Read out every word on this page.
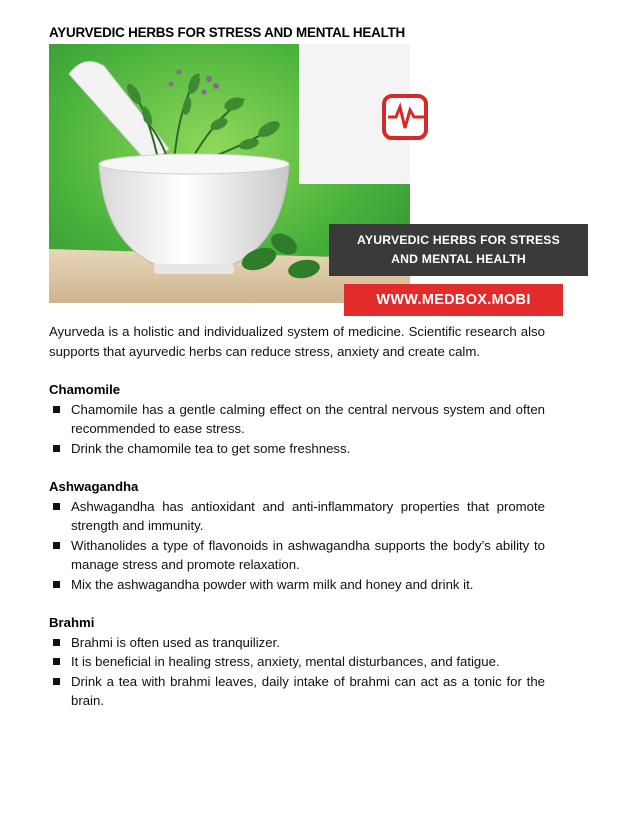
AYURVEDIC HERBS FOR STRESS AND MENTAL HEALTH
AYURVEDIC HERBS FOR STRESS
AND MENTAL HEALTH
WWW.MEDBOX.MOBI

Ayurveda is a holistic and individualized system of medicine. Scientific research also supports that ayurvedic herbs can reduce stress, anxiety and create calm.

Chamomile

Chamomile has a gentle calming effect on the central nervous system and often recommended to ease stress.
Drink the chamomile tea to get some freshness.

Ashwagandha

Ashwagandha has antioxidant and anti-inflammatory properties that promote strength and immunity.
Withanolides a type of flavonoids in ashwagandha supports the body’s ability to manage stress and promote relaxation.
Mix the ashwagandha powder with warm milk and honey and drink it.

Brahmi

Brahmi is often used as tranquilizer.
It is beneficial in healing stress, anxiety, mental disturbances, and fatigue.
Drink a tea with brahmi leaves, daily intake of brahmi can act as a tonic for the brain.
